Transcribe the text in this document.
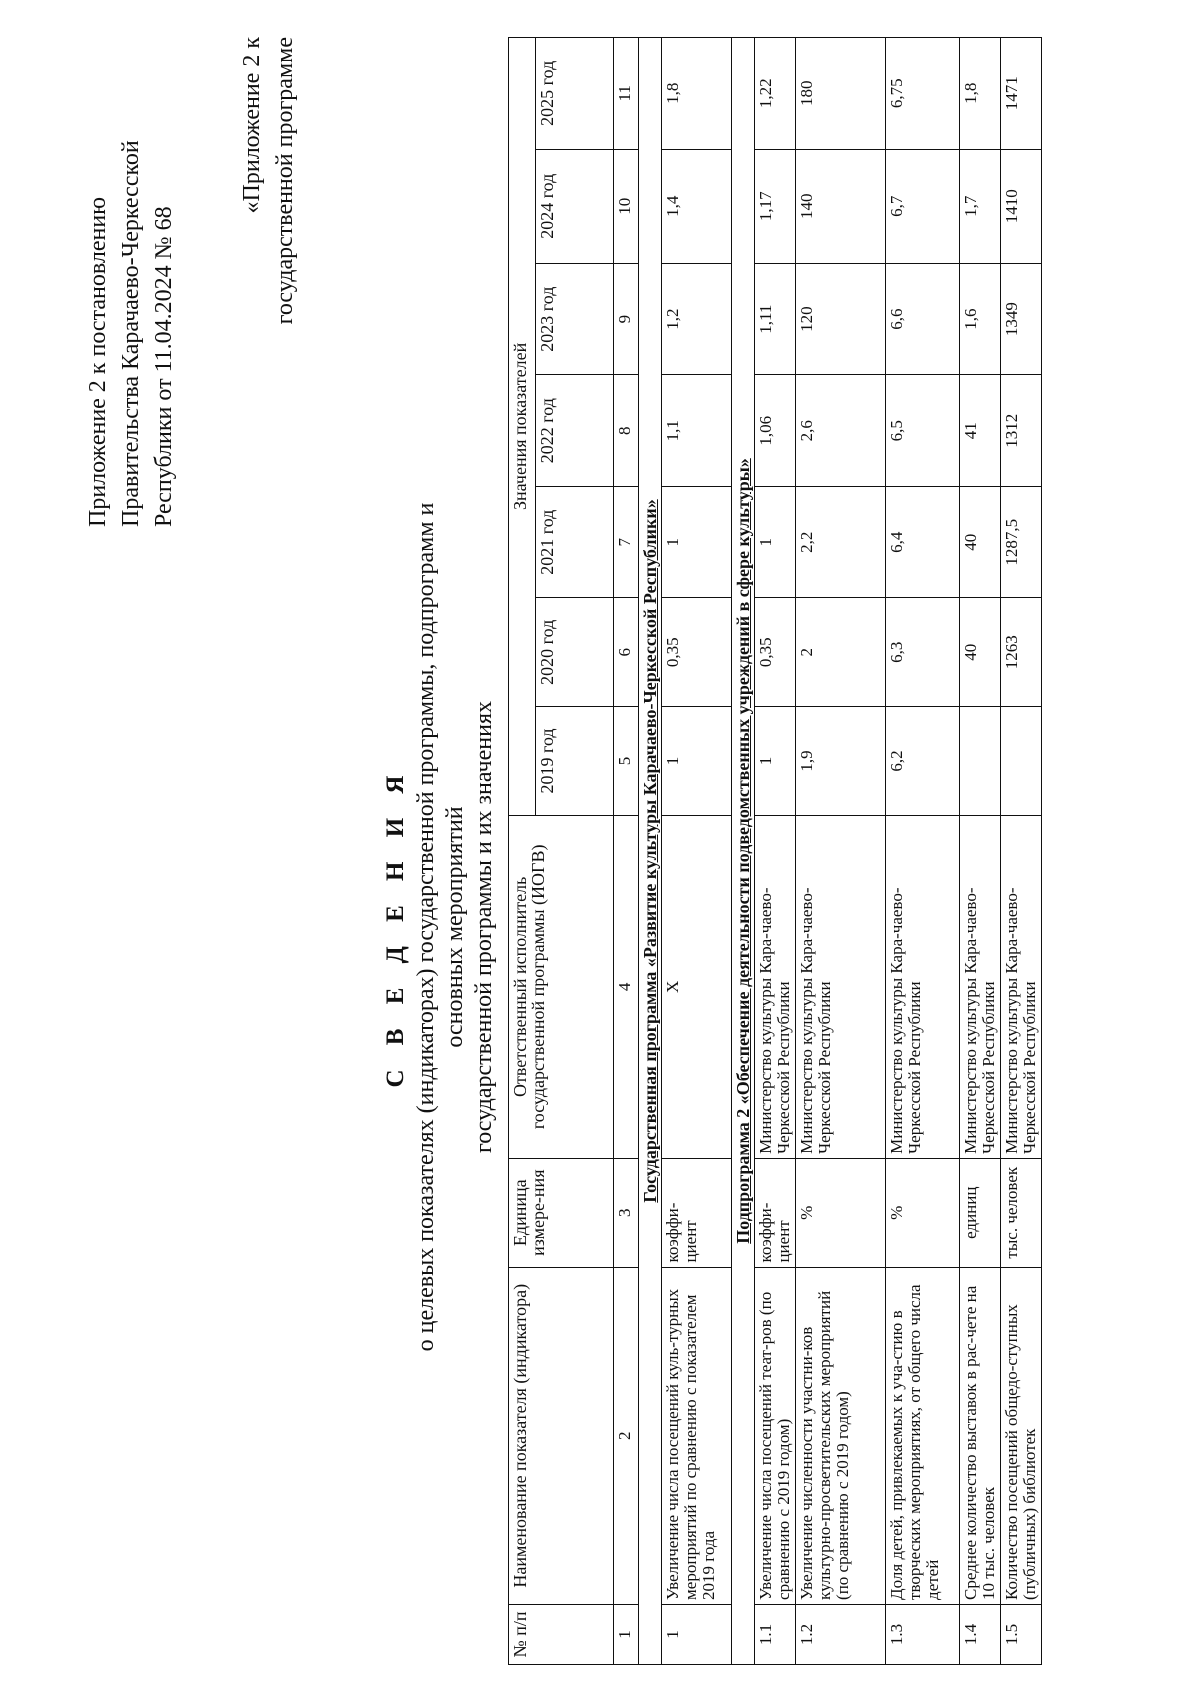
Приложение 2 к постановлению Правительства Карачаево-Черкесской Республики от 11.04.2024 № 68
«Приложение 2 к государственной программе
С В Е Д Е Н И Я о целевых показателях (индикаторах) государственной программы, подпрограмм и основных мероприятий государственной программы и их значениях
№ п/п	Наименование показателя (индикатора)	Единица измере-ния	Ответственный исполнитель государственной программы (ИОГВ)	Значения показателей						
				2019 год	2020 год	2021 год	2022 год	2023 год	2024 год	2025 год
1	2	3	4	5	6	7	8	9	10	11
Государственная программа «Развитие культуры Карачаево-Черкесской Республики»										
1	Увеличение числа посещений куль-турных мероприятий по сравнению с показателем 2019 года	коэффи-циент	Х	1	0,35	1	1,1	1,2	1,4	1,8
Подпрограмма 2 «Обеспечение деятельности подведомственных учреждений в сфере культуры»										
1.1	Увеличение числа посещений теат-ров (по сравнению с 2019 годом)	коэффи-циент	Министерство культуры Кара-чаево-Черкесской Республики	1	0,35	1	1,06	1,11	1,17	1,22
1.2	Увеличение численности участни-ков культурно-просветительских мероприятий (по сравнению с 2019 годом)	%	Министерство культуры Кара-чаево-Черкесской Республики	1,9	2	2,2	2,6	120	140	180
1.3	Доля детей, привлекаемых к уча-стию в творческих мероприятиях, от общего числа детей	%	Министерство культуры Кара-чаево-Черкесской Республики	6,2	6,3	6,4	6,5	6,6	6,7	6,75
1.4	Среднее количество выставок в рас-чете на 10 тыс. человек	единиц	Министерство культуры Кара-чаево-Черкесской Республики		40	40	41	1,6	1,7	1,8
1.5	Количество посещений общедо-ступных (публичных) библиотек	тыс. человек	Министерство культуры Кара-чаево-Черкесской Республики		1263	1287,5	1312	1349	1410	1471
